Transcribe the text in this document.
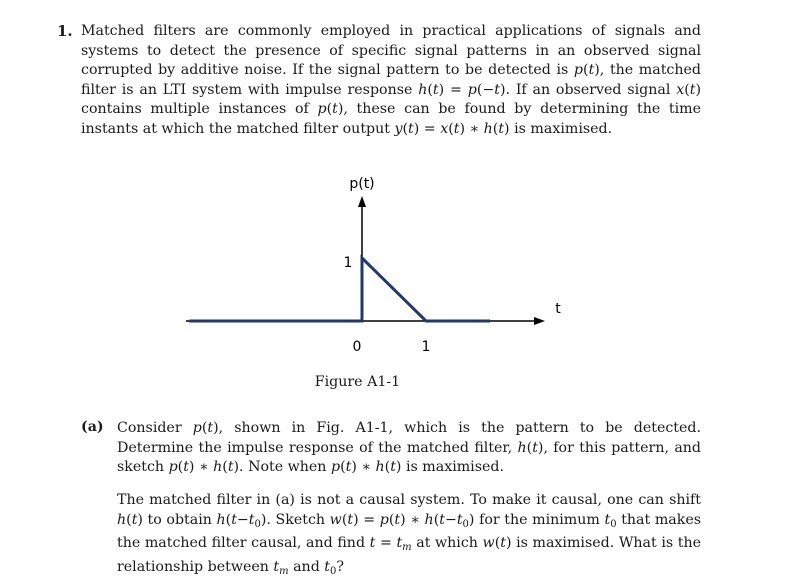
1. Matched filters are commonly employed in practical applications of signals and systems to detect the presence of specific signal patterns in an observed signal corrupted by additive noise. If the signal pattern to be detected is p(t), the matched filter is an LTI system with impulse response h(t) = p(−t). If an observed signal x(t) contains multiple instances of p(t), these can be found by determining the time instants at which the matched filter output y(t) = x(t) ∗ h(t) is maximised.
p(t)
t
1
0	1
Figure A1-1
(a) Consider p(t), shown in Fig. A1-1, which is the pattern to be detected. Determine the impulse response of the matched filter, h(t), for this pattern, and sketch p(t) ∗ h(t). Note when p(t) ∗ h(t) is maximised.
The matched filter in (a) is not a causal system. To make it causal, one can shift h(t) to obtain $h(t-t_0)$. Sketch w(t) = p(t) ∗ $h(t-t_0)$ for the minimum $t_0$ that makes the matched filter causal, and find $t = t_m$ at which w(t) is maximised. What is the relationship between $t_m$ and $t_0$?
